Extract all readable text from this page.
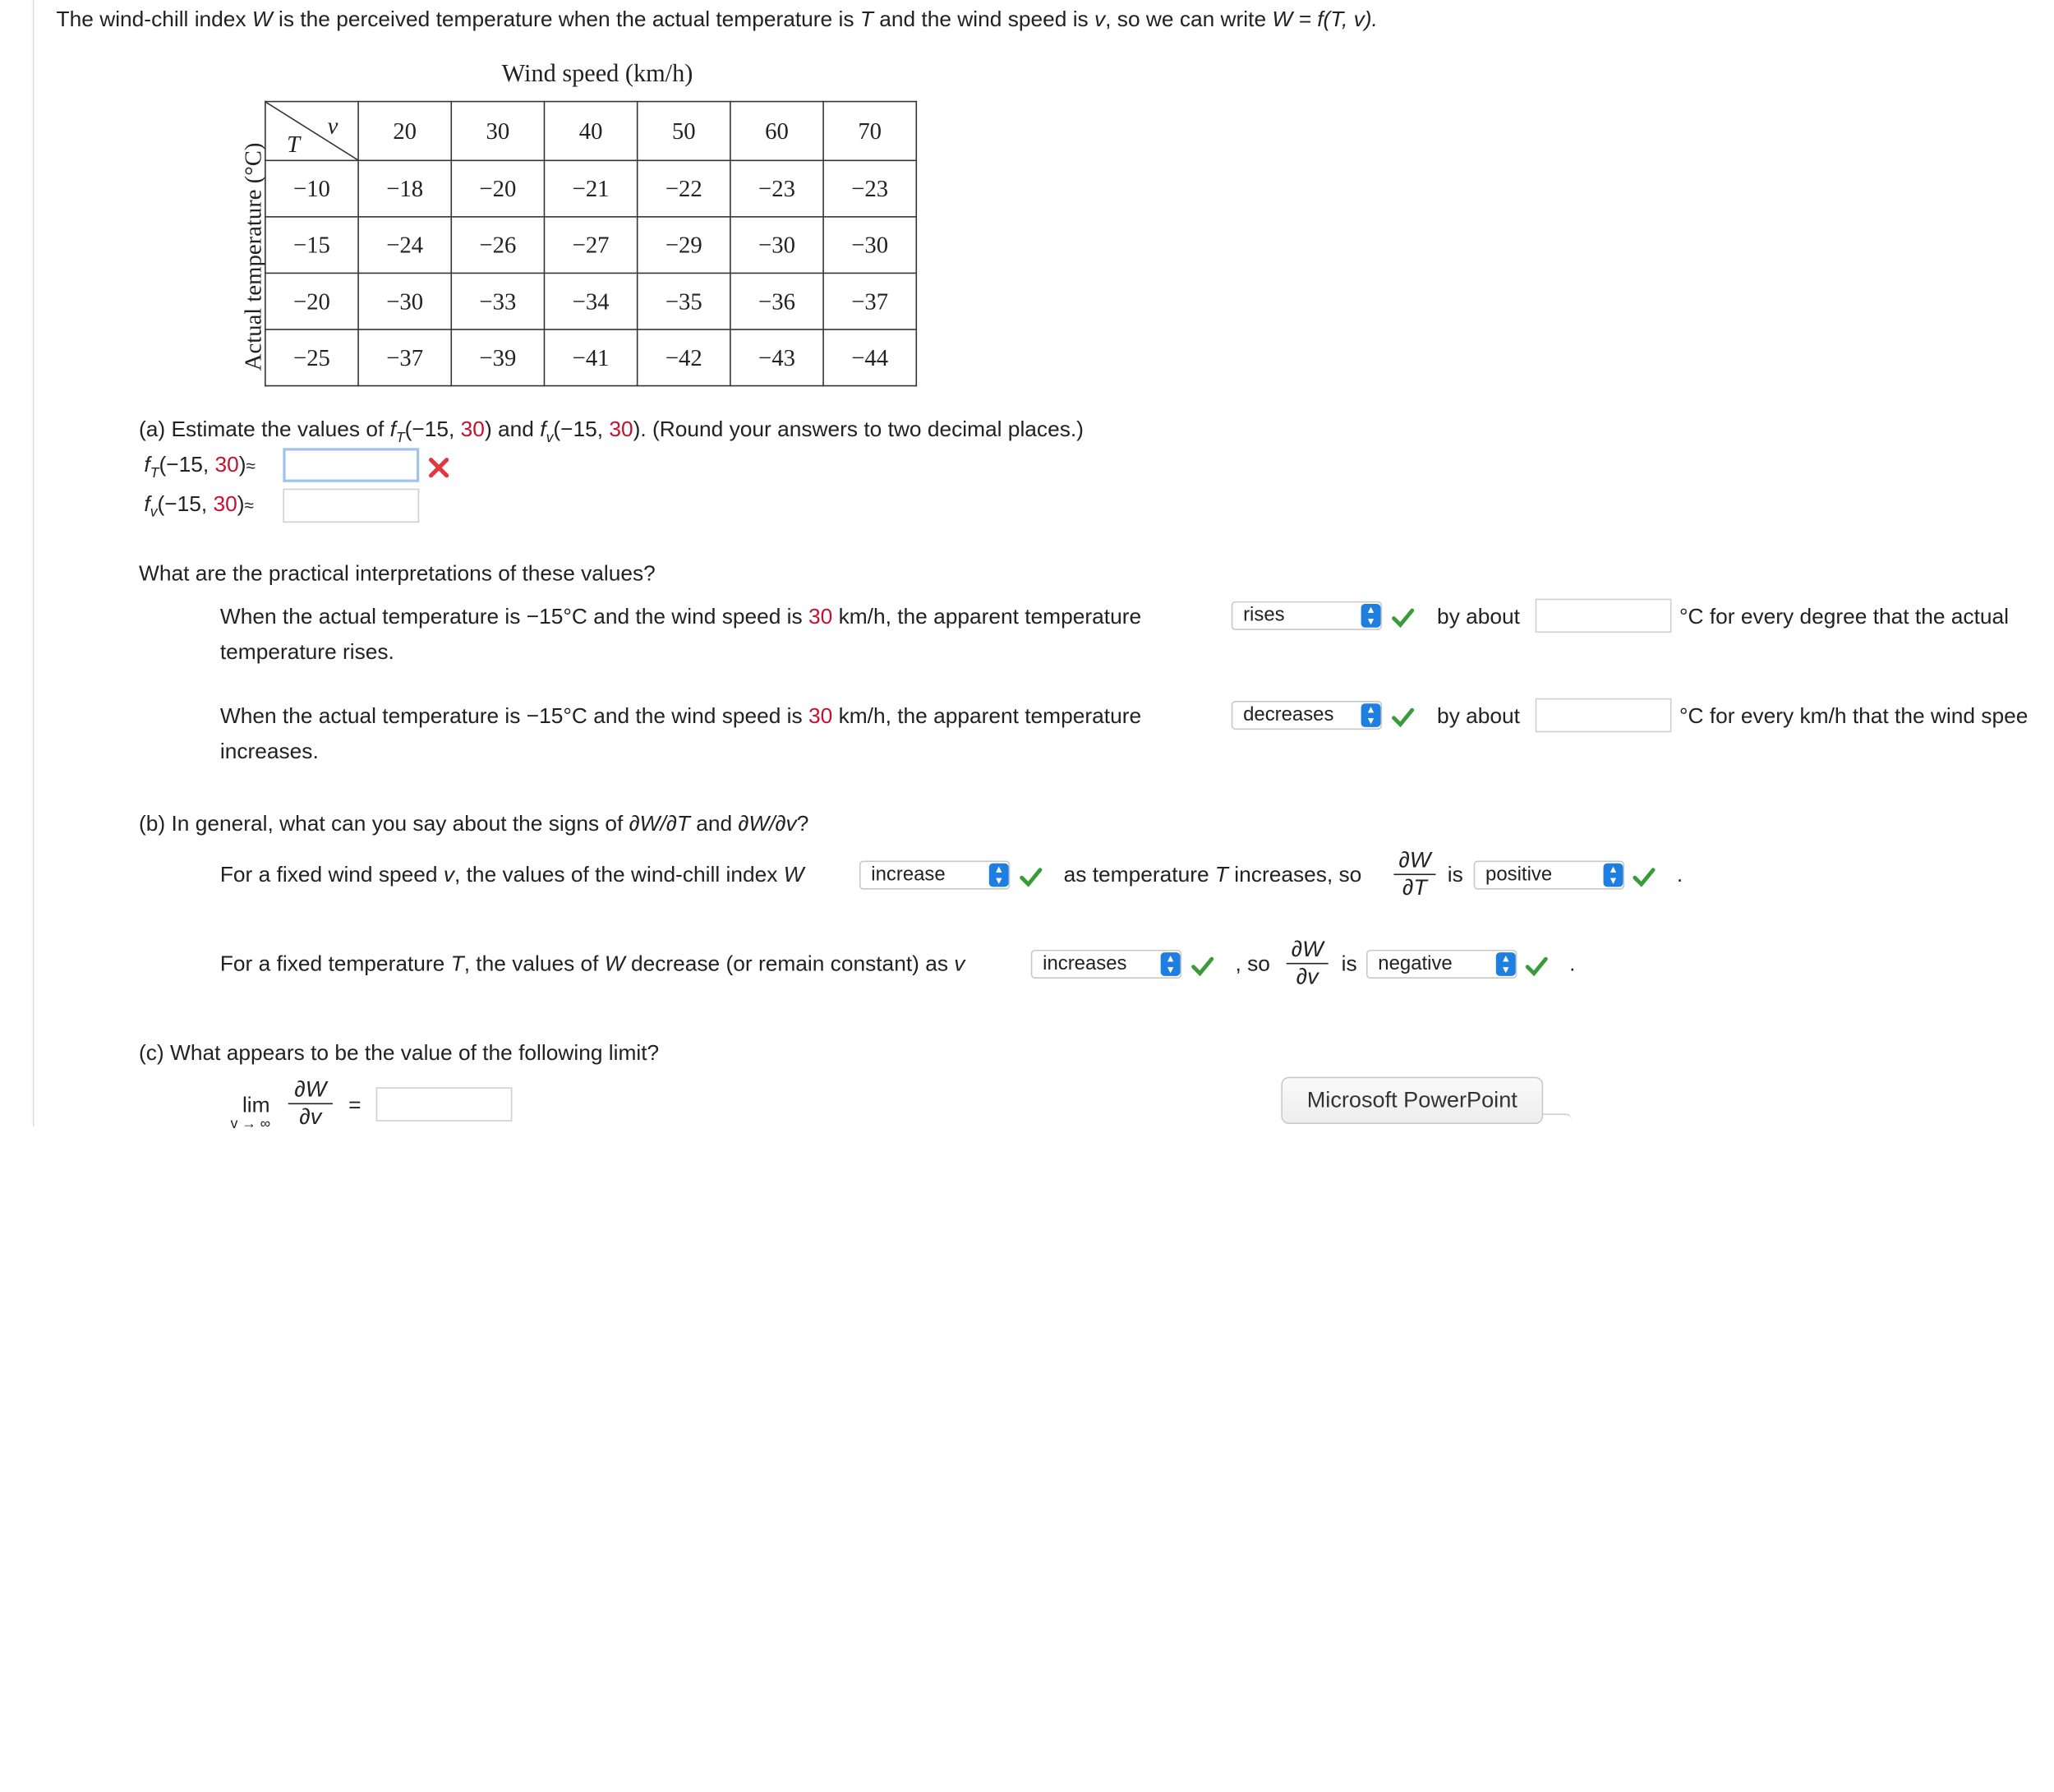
The wind-chill index W is the perceived temperature when the actual temperature is T and the wind speed is v, so we can write W = f(T, v).
Wind speed (km/h)
Actual temperature (°C)
v
T	20	30	40	50	60	70
−10	−18	−20	−21	−22	−23	−23
−15	−24	−26	−27	−29	−30	−30
−20	−30	−33	−34	−35	−36	−37
−25	−37	−39	−41	−42	−43	−44
(a) Estimate the values of $f_T(-15$, 30) and $f_v(-15$, 30). (Round your answers to two decimal places.)
$f_T(-15$, 30)≈
$f_v(-15$, 30)≈
What are the practical interpretations of these values?
When the actual temperature is −15°C and the wind speed is 30 km/h, the apparent temperature	rises	▴
▾	by about	°C for every degree that the actual
temperature rises.
When the actual temperature is −15°C and the wind speed is 30 km/h, the apparent temperature	decreases	▴
▾	by about	°C for every km/h that the wind spee
increases.
(b) In general, what can you say about the signs of ∂W/∂T and ∂W/∂v?
For a fixed wind speed v, the values of the wind-chill index W	increase	▴
▾	as temperature T increases, so $\frac{\partial W}{\partial T}$ is	positive	▴
▾	.
For a fixed temperature T, the values of W decrease (or remain constant) as v	increases	▴
▾	, so $\frac{\partial W}{\partial v}$ is	negative	▴
▾	.
(c) What appears to be the value of the following limit?
lim
v → ∞ $\frac{\partial W}{\partial v}$ =	Microsoft PowerPoint
